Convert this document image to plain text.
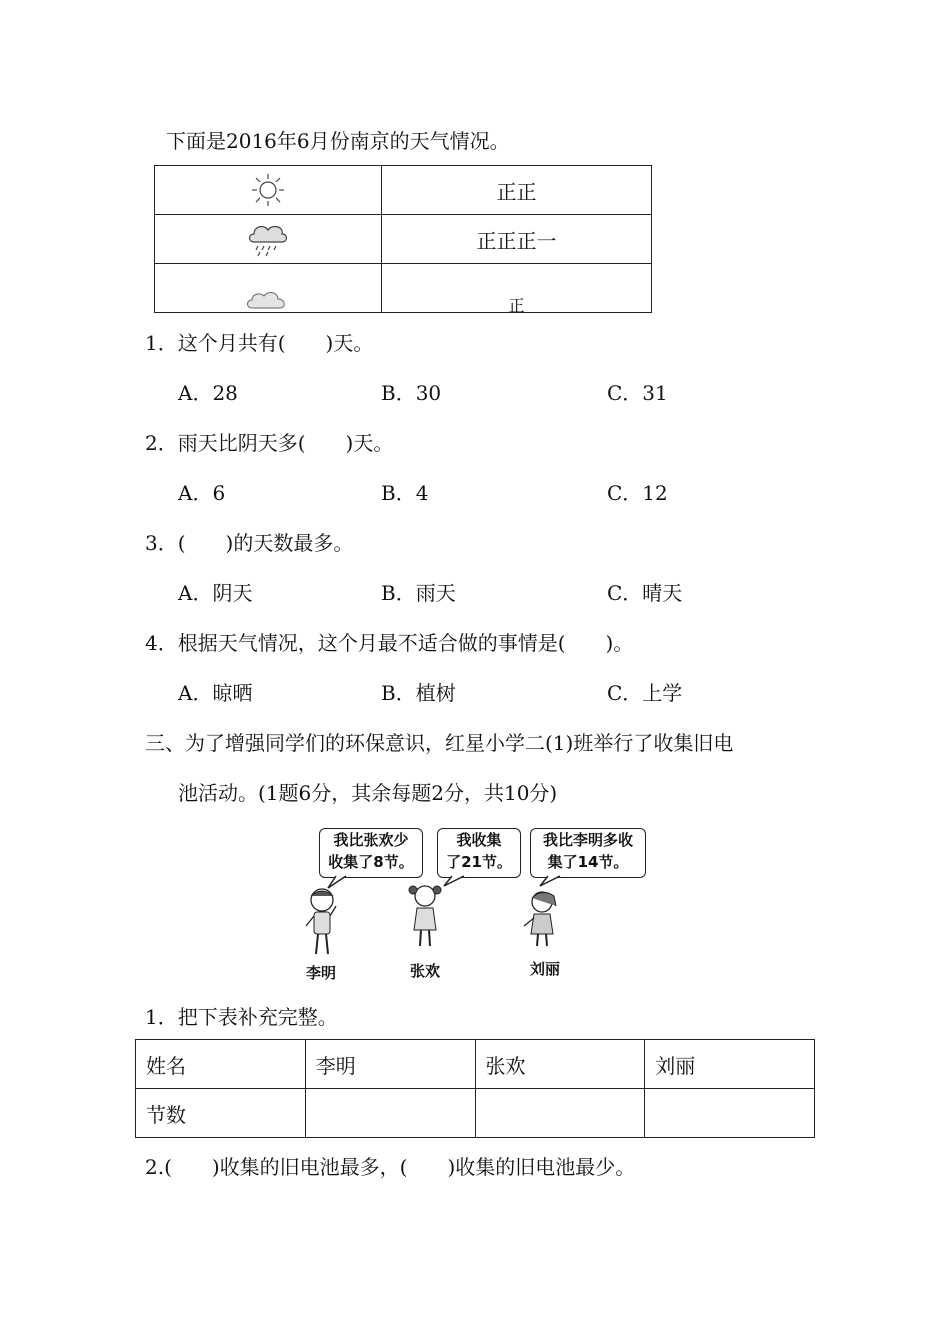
下面是2016年6月份南京的天气情况。
	正正

	正正正一

	正
1．这个月共有(　　)天。
A．28	B．30	C．31
2．雨天比阴天多(　　)天。
A．6	B．4	C．12
3．(　　)的天数最多。
A．阴天	B．雨天	C．晴天
4．根据天气情况，这个月最不适合做的事情是(　　)。
A．晾晒	B．植树	C．上学
三、为了增强同学们的环保意识，红星小学二(1)班举行了收集旧电
池活动。(1题6分，其余每题2分，共10分)
我比张欢少
收集了8节。
我收集
了21节。
我比李明多收
集了14节。
李明	张欢	刘丽
1．把下表补充完整。
姓名	李明	张欢	刘丽
节数			
2.(　　)收集的旧电池最多，(　　)收集的旧电池最少。
